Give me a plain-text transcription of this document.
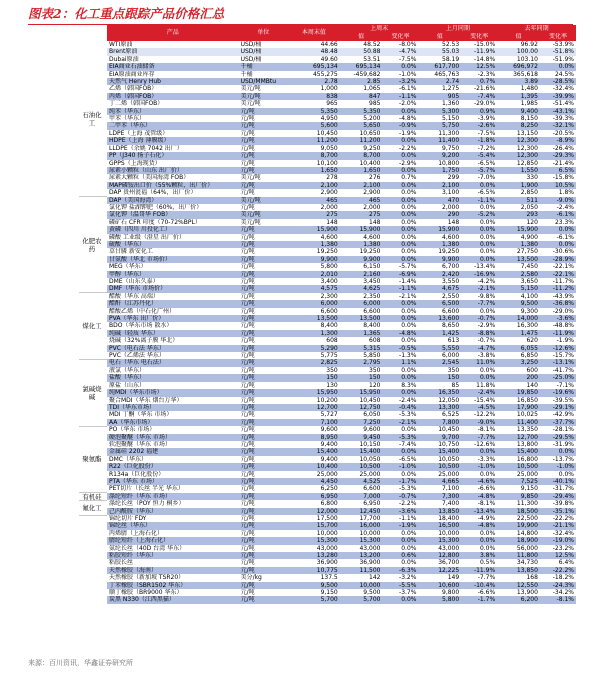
图表2：化工重点跟踪产品价格汇总
产品	单位	本周末值	上周末		上月同期		去年同期	
			值	变化率	值	变化率	值	变化率
WTI原油	USD/桶	44.66	48.52	-8.0%	52.53	-15.0%	96.92	-53.9%
Brent原油	USD/桶	48.48	50.88	-4.7%	55.03	-11.9%	100.00	-51.8%
Dubai原油	USD/桶	49.60	53.51	-7.5%	58.19	-14.8%	103.10	-51.9%
EIA商业石油储备	千桶	695,134	695,134	0.0%	617,700	12.5%	696,972	0.0%
EIA原油商业库存	千桶	455,275	-459,682	-1.0%	465,763	-2.3%	365,618	24.5%
天然气 Henry Hub	USD/MMBtu	2.78	2.85	-3.2%	2.74	0.7%	3.89	-28.5%
乙烯（韩国FOB）	美元/吨	1,000	1,065	-6.1%	1,275	-21.6%	1,480	-32.4%
丙烯（韩国FOB）	美元/吨	838	847	-1.1%	905	-7.4%	1,395	-39.9%
丁二烯（韩国FOB）	美元/吨	965	985	-2.0%	1,360	-29.0%	1,985	-51.4%
纯苯（华东）	元/吨	5,350	5,350	0.0%	5,300	0.9%	9,400	-43.1%
甲苯（华东）	元/吨	4,950	5,200	-4.8%	5,150	-3.9%	8,150	-39.3%
二甲苯（华东）	元/吨	5,600	5,650	-0.9%	5,750	-2.6%	8,250	-32.1%
LDPE（上海 茂管级）	元/吨	10,450	10,650	-1.9%	11,300	-7.5%	13,150	-20.5%
HDPE（上海 薄膜级）	元/吨	11,200	11,200	0.0%	11,400	-1.8%	12,300	-8.9%
LLDPE（余姚 7042 出厂）	元/吨	9,050	9,250	-2.2%	9,750	-7.2%	12,300	-26.4%
PP（J340 扬子石化）	元/吨	8,700	8,700	0.0%	9,200	-5.4%	12,300	-29.3%
GPPS（上海现货）	元/吨	10,100	10,400	-2.9%	10,800	-6.5%	12,850	-21.4%
尿素小颗粒（山东 出厂价）	元/吨	1,650	1,650	0.0%	1,750	-5.7%	1,550	6.5%
尿素大颗粒（美国海湾 FOB）	美元/吨	278	276	0.7%	299	-7.0%	330	-15.8%
MAP磷铵出口价（55%颗粒，出厂价）	元/吨	2,100	2,100	0.0%	2,100	0.0%	1,900	10.5%
DAP 贵州瓮福（64%，出厂价）	元/吨	2,900	2,900	0.0%	3,100	-6.5%	2,850	1.8%
DAP（美国海湾）	美元/吨	465	465	0.0%	470	-1.1%	511	-9.0%
氯化钾 盐湖钾肥（60%，出厂价）	元/吨	2,000	2,000	0.0%	2,000	0.0%	2,050	-2.4%
氯化钾（温哥华 FOB）	美元/吨	275	275	0.0%	290	-5.2%	293	-6.1%
磷矿石 CFR 印度（70-72%BPL）	美元/吨	148	148	0.0%	148	0.0%	120	23.3%
黄磷（四川 川投化工）	元/吨	15,900	15,900	0.0%	15,900	0.0%	15,900	0.0%
磷酸 工业级（澄星 出厂价）	元/吨	4,600	4,600	0.0%	4,600	0.0%	4,900	-6.1%
硫酸（华东）	元/吨	1,380	1,380	0.0%	1,380	0.0%	1,380	0.0%
草甘膦 新安化工	元/吨	19,250	19,250	0.0%	19,250	0.0%	27,750	-30.6%
甘氨酸（华北 市场价）	元/吨	9,900	9,900	0.0%	9,900	0.0%	13,500	-28.9%
MEG（华东）	元/吨	5,800	6,150	-5.7%	6,700	-13.4%	7,450	-22.1%
甲醇（华东）	元/吨	2,010	2,160	-6.9%	2,420	-16.9%	2,580	-22.1%
DME（山东久泰）	元/吨	3,400	3,450	-1.4%	3,550	-4.2%	3,650	-11.7%
DMF（华东 市场价）	元/吨	4,575	4,625	-1.1%	4,675	-2.1%	5,150	-11.2%
醋酸（华东 高端）	元/吨	2,300	2,350	-2.1%	2,550	-9.8%	4,100	-43.9%
醋酐（江苏丹化）	元/吨	6,000	6,000	0.0%	6,500	-7.7%	9,500	-36.8%
醋酸乙烯（中石化广州）	元/吨	6,600	6,600	0.0%	6,600	0.0%	9,300	-29.0%
PVA（华东 出厂价）	元/吨	13,500	13,500	0.0%	13,600	-0.7%	14,000	-3.6%
BDO（华东市场 散水）	元/吨	8,400	8,400	0.0%	8,650	-2.9%	16,300	-48.8%
纯碱（轻质 华东）	元/吨	1,300	1,365	-4.8%	1,425	-8.8%	1,475	-11.9%
烧碱（32%离子膜 华北）	元/吨	608	608	0.0%	613	-0.7%	620	-1.9%
PVC（电石法 华东）	元/吨	5,290	5,315	-0.5%	5,550	-4.7%	6,055	-12.6%
PVC（乙烯法 华东）	元/吨	5,775	5,850	-1.3%	6,000	-3.8%	6,850	-15.7%
电石（华东 电石法）	元/吨	2,825	2,795	1.1%	2,545	11.0%	3,250	-13.1%
液氯（华东）	元/吨	350	350	0.0%	350	0.0%	600	-41.7%
盐酸（华东）	元/吨	150	150	0.0%	150	0.0%	200	-25.0%
原盐（山东）	元/吨	130	120	8.3%	85	11.8%	140	-7.1%
纯MDI（华东市场）	元/吨	15,950	15,950	0.0%	16,350	-2.4%	19,850	-19.6%
聚合MDI（华东 烟台万华）	元/吨	10,200	10,450	-2.4%	12,050	-15.4%	16,850	-39.5%
TDI（华东市场）	元/吨	12,700	12,750	-0.4%	13,300	-4.5%	17,900	-29.1%
MDI 丁酮（华东 市场）	元/吨	5,727	6,050	-5.3%	6,525	-12.2%	10,025	-42.9%
AA（华东市场）	元/吨	7,100	7,250	-2.1%	7,800	-9.0%	11,400	-37.7%
PO（华东 市场）	元/吨	9,600	9,600	0.0%	10,450	-8.1%	13,350	-28.1%
硬泡聚醚（华东 市场）	元/吨	8,950	9,450	-5.3%	9,700	-7.7%	12,700	-29.5%
软泡聚醚（华东 市场）	元/吨	9,400	10,150	-7.4%	10,750	-12.6%	13,800	-31.9%
金属硅 2202 福建	元/吨	15,400	15,400	0.0%	15,400	0.0%	15,400	0.0%
DMC（华东）	元/吨	9,400	10,050	-6.5%	10,050	-3.3%	16,800	-13.7%
R22（巨化股份）	元/吨	10,400	10,500	-1.0%	10,500	-1.0%	10,500	-1.0%
R134a（巨化股份）	元/吨	25,000	25,000	0.0%	25,000	0.0%	25,000	0.0%
PTA（华东 市场）	元/吨	4,450	4,525	-1.7%	4,665	-4.6%	7,525	-40.1%
PET切片（长丝 半光 华东）	元/吨	6,250	6,600	-5.3%	7,100	-6.6%	9,150	-31.7%
涤纶短纤（华东 市场）	元/吨	6,950	7,000	-0.7%	7,300	-4.8%	9,850	-29.4%
涤纶长丝（POY 恒力 桐乡）	元/吨	6,800	6,950	-2.2%	7,400	-8.1%	11,300	-39.8%
己内酰胺（华东）	元/吨	12,000	12,450	-3.6%	13,850	-13.4%	18,500	-35.1%
锦纶切片 FDY	元/吨	17,500	17,700	-1.1%	18,400	-4.9%	22,500	-22.2%
锦纶丝（华东）	元/吨	15,700	16,000	-1.9%	16,500	-4.8%	19,900	-21.1%
丙烯腈（上海石化）	元/吨	10,000	10,000	0.0%	10,000	0.0%	14,800	-32.4%
腈纶短纤（上海石化）	元/吨	15,300	15,300	0.0%	15,300	0.0%	18,900	-19.0%
氨纶长丝（40D 台湾 华东）	元/吨	43,000	43,000	0.0%	43,000	0.0%	56,000	-23.2%
粘胶短纤（华东）	元/吨	13,280	13,200	0.6%	12,800	3.8%	11,800	12.5%
粘胶长丝	元/吨	36,900	36,900	0.0%	36,700	0.5%	34,730	6.4%
天然橡胶（海南）	元/吨	10,775	11,500	-6.3%	12,225	-11.9%	13,850	-22.2%
天然橡胶（新加坡 TSR20）	美分/kg	137.5	142	-3.2%	149	-7.7%	168	-18.2%
丁苯橡胶（SBR1502 华东）	元/吨	9,500	10,000	-5.5%	10,600	-10.4%	12,550	-24.3%
顺丁橡胶（BR9000 华东）	元/吨	9,150	9,500	-3.7%	9,800	-6.6%	13,900	-34.2%
炭黑 N330（江西黑猫）	元/吨	5,700	5,700	0.0%	5,800	-1.7%	6,200	-8.1%
石油化工
化肥农药
煤化工
氯碱烧碱
聚氨酯
有机硅
氟化工
来源：百川资讯，华鑫证券研究所
